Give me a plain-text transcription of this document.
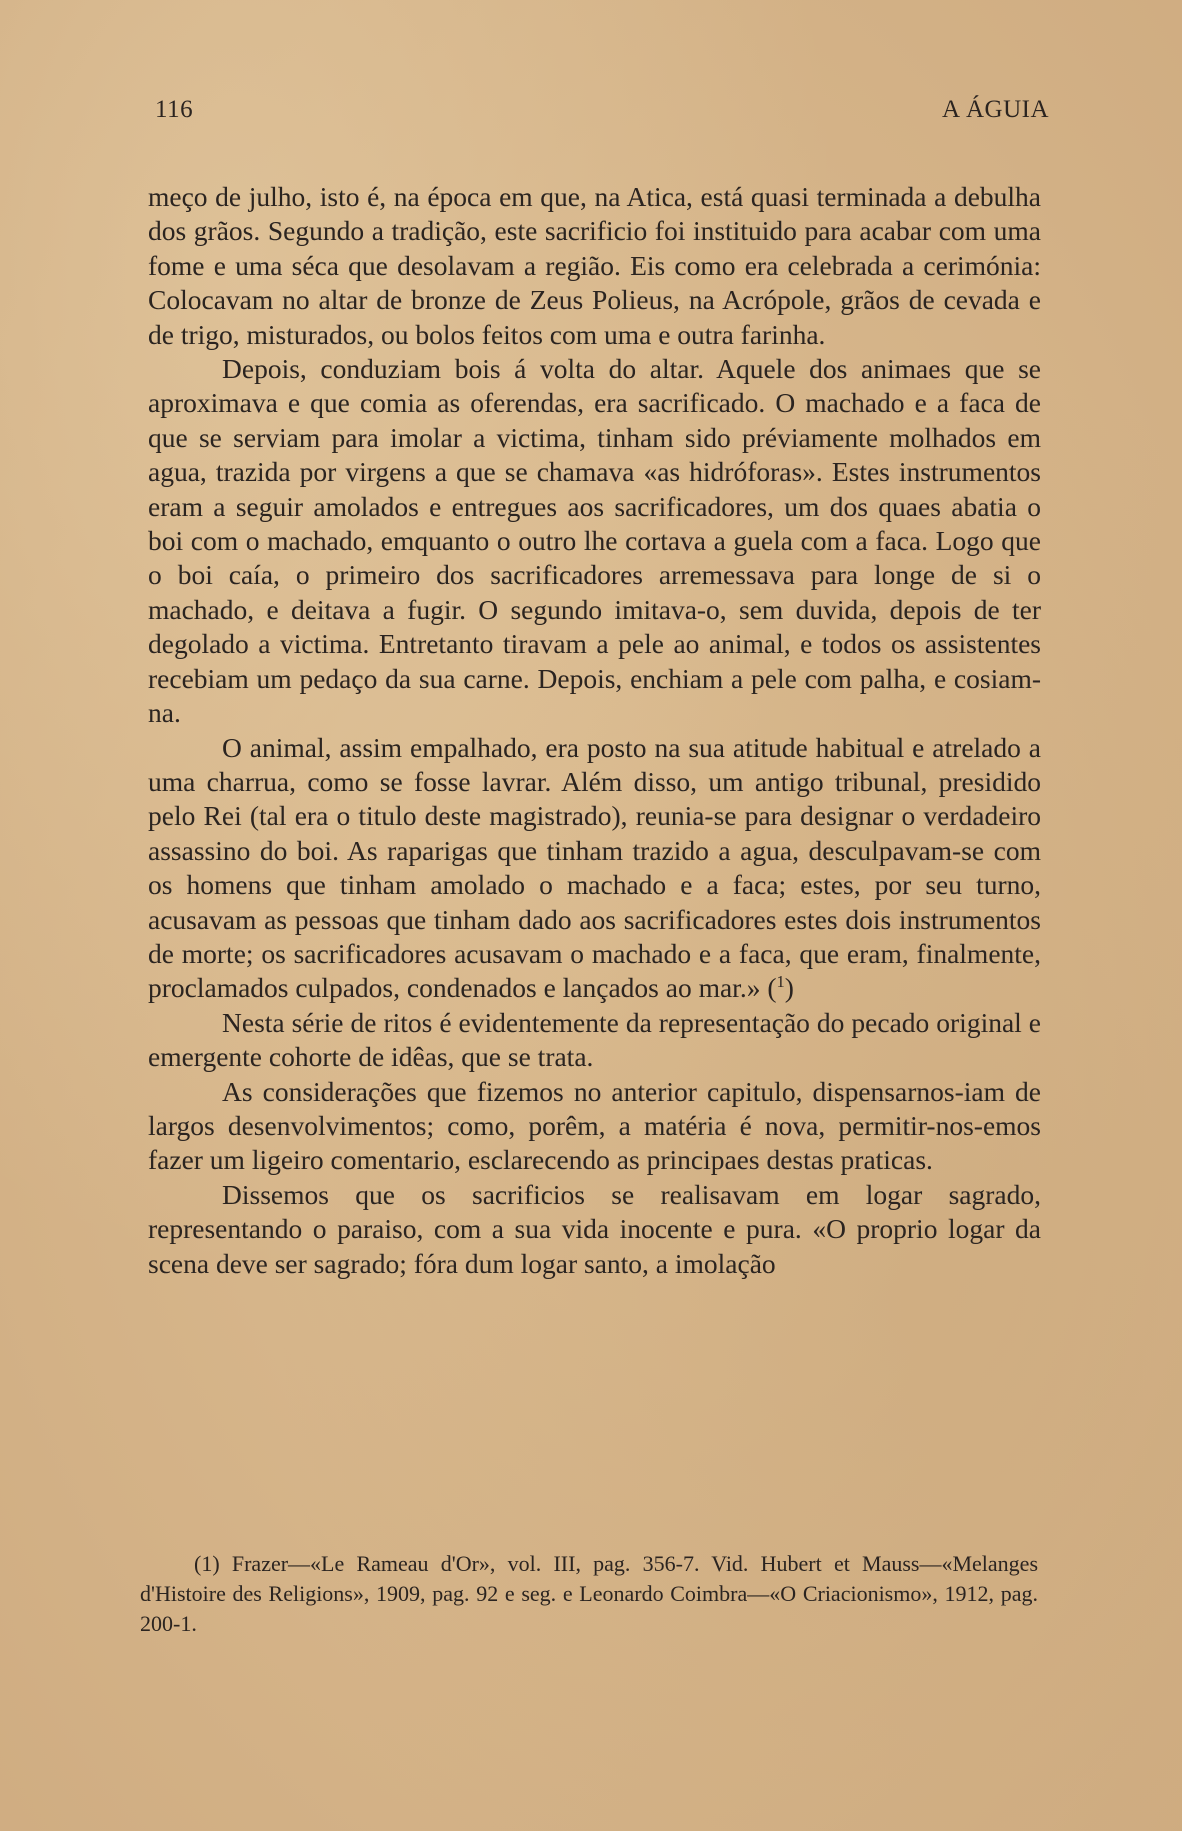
116	A ÁGUIA

meço de julho, isto é, na época em que, na Atica, está quasi terminada a debulha dos grãos. Segundo a tradição, este sacrificio foi instituido para acabar com uma fome e uma séca que desolavam a região. Eis como era celebrada a cerimónia: Colocavam no altar de bronze de Zeus Polieus, na Acrópole, grãos de cevada e de trigo, misturados, ou bolos feitos com uma e outra farinha.

Depois, conduziam bois á volta do altar. Aquele dos animaes que se aproximava e que comia as oferendas, era sacrificado. O machado e a faca de que se serviam para imolar a victima, tinham sido préviamente molhados em agua, trazida por virgens a que se chamava «as hidróforas». Estes instrumentos eram a seguir amolados e entregues aos sacrificadores, um dos quaes abatia o boi com o machado, emquanto o outro lhe cortava a guela com a faca. Logo que o boi caía, o primeiro dos sacrificadores arremessava para longe de si o machado, e deitava a fugir. O segundo imitava-o, sem duvida, depois de ter degolado a victima. Entretanto tiravam a pele ao animal, e todos os assistentes recebiam um pedaço da sua carne. Depois, enchiam a pele com palha, e cosiam-na.

O animal, assim empalhado, era posto na sua atitude habitual e atrelado a uma charrua, como se fosse lavrar. Além disso, um antigo tribunal, presidido pelo Rei (tal era o titulo deste magistrado), reunia-se para designar o verdadeiro assassino do boi. As raparigas que tinham trazido a agua, desculpavam-se com os homens que tinham amolado o machado e a faca; estes, por seu turno, acusavam as pessoas que tinham dado aos sacrificadores estes dois instrumentos de morte; os sacrificadores acusavam o machado e a faca, que eram, finalmente, proclamados culpados, condenados e lançados ao mar.» ($^1$)

Nesta série de ritos é evidentemente da representação do pecado original e emergente cohorte de idêas, que se trata.

As considerações que fizemos no anterior capitulo, dispensarnos-iam de largos desenvolvimentos; como, porêm, a matéria é nova, permitir-nos-emos fazer um ligeiro comentario, esclarecendo as principaes destas praticas.

Dissemos que os sacrificios se realisavam em logar sagrado, representando o paraiso, com a sua vida inocente e pura. «O proprio logar da scena deve ser sagrado; fóra dum logar santo, a imolação

(1) Frazer—«Le Rameau d'Or», vol. III, pag. 356-7. Vid. Hubert et Mauss—«Melanges d'Histoire des Religions», 1909, pag. 92 e seg. e Leonardo Coimbra—«O Criacionismo», 1912, pag. 200-1.
